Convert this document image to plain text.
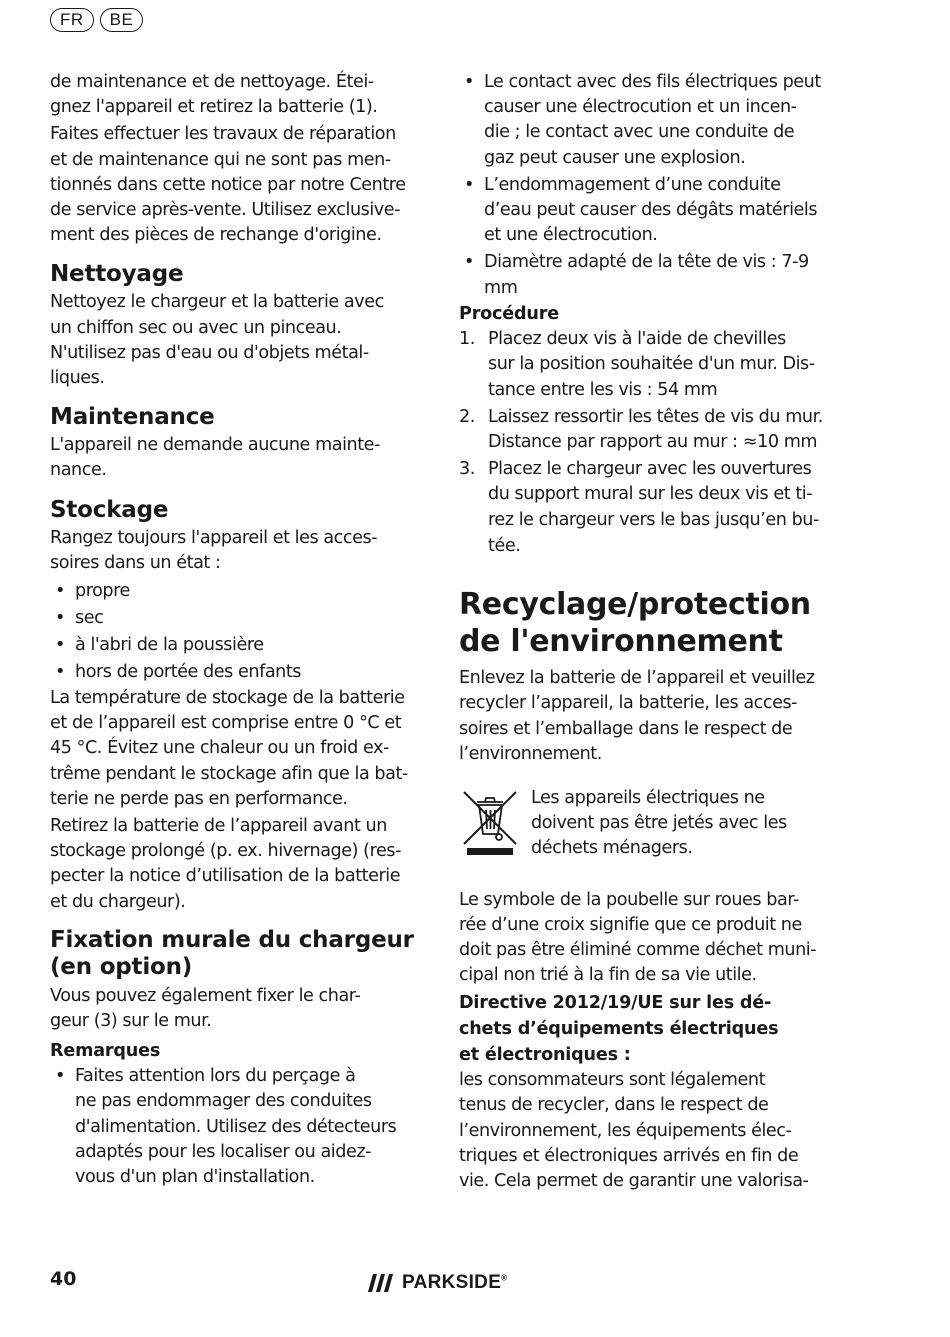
FR	BE

de maintenance et de nettoyage. Étei-
gnez l'appareil et retirez la batterie (1).

Faites effectuer les travaux de réparation
et de maintenance qui ne sont pas men-
tionnés dans cette notice par notre Centre
de service après-vente. Utilisez exclusive-
ment des pièces de rechange d'origine.

Nettoyage

Nettoyez le chargeur et la batterie avec
un chiffon sec ou avec un pinceau.
N'utilisez pas d'eau ou d'objets métal-
liques.

Maintenance

L'appareil ne demande aucune mainte-
nance.

Stockage

Rangez toujours l'appareil et les acces-
soires dans un état :

• propre
• sec
• à l'abri de la poussière
• hors de portée des enfants

La température de stockage de la batterie
et de l’appareil est comprise entre 0 °C et
45 °C. Évitez une chaleur ou un froid ex-
trême pendant le stockage afin que la bat-
terie ne perde pas en performance.

Retirez la batterie de l’appareil avant un
stockage prolongé (p. ex. hivernage) (res-
pecter la notice d’utilisation de la batterie
et du chargeur).

Fixation murale du chargeur
(en option)

Vous pouvez également fixer le char-
geur (3) sur le mur.

Remarques
• Faites attention lors du perçage à
ne pas endommager des conduites
d'alimentation. Utilisez des détecteurs
adaptés pour les localiser ou aidez-
vous d'un plan d'installation.
• Le contact avec des fils électriques peut
causer une électrocution et un incen-
die ; le contact avec une conduite de
gaz peut causer une explosion.
• L’endommagement d’une conduite
d’eau peut causer des dégâts matériels
et une électrocution.
• Diamètre adapté de la tête de vis : 7-9
mm
Procédure
1. Placez deux vis à l'aide de chevilles
sur la position souhaitée d'un mur. Dis-
tance entre les vis : 54 mm
2. Laissez ressortir les têtes de vis du mur.
Distance par rapport au mur : ≈10 mm
3. Placez le chargeur avec les ouvertures
du support mural sur les deux vis et ti-
rez le chargeur vers le bas jusqu’en bu-
tée.
Recyclage/protection
de l'environnement

Enlevez la batterie de l’appareil et veuillez
recycler l’appareil, la batterie, les acces-
soires et l’emballage dans le respect de
l’environnement.

Les appareils électriques ne
doivent pas être jetés avec les
déchets ménagers.

Le symbole de la poubelle sur roues bar-
rée d’une croix signifie que ce produit ne
doit pas être éliminé comme déchet muni-
cipal non trié à la fin de sa vie utile.

Directive 2012/19/UE sur les dé-
chets d’équipements électriques
et électroniques :

les consommateurs sont légalement
tenus de recycler, dans le respect de
l’environnement, les équipements élec-
triques et électroniques arrivés en fin de
vie. Cela permet de garantir une valorisa-

40	PARKSIDE®
